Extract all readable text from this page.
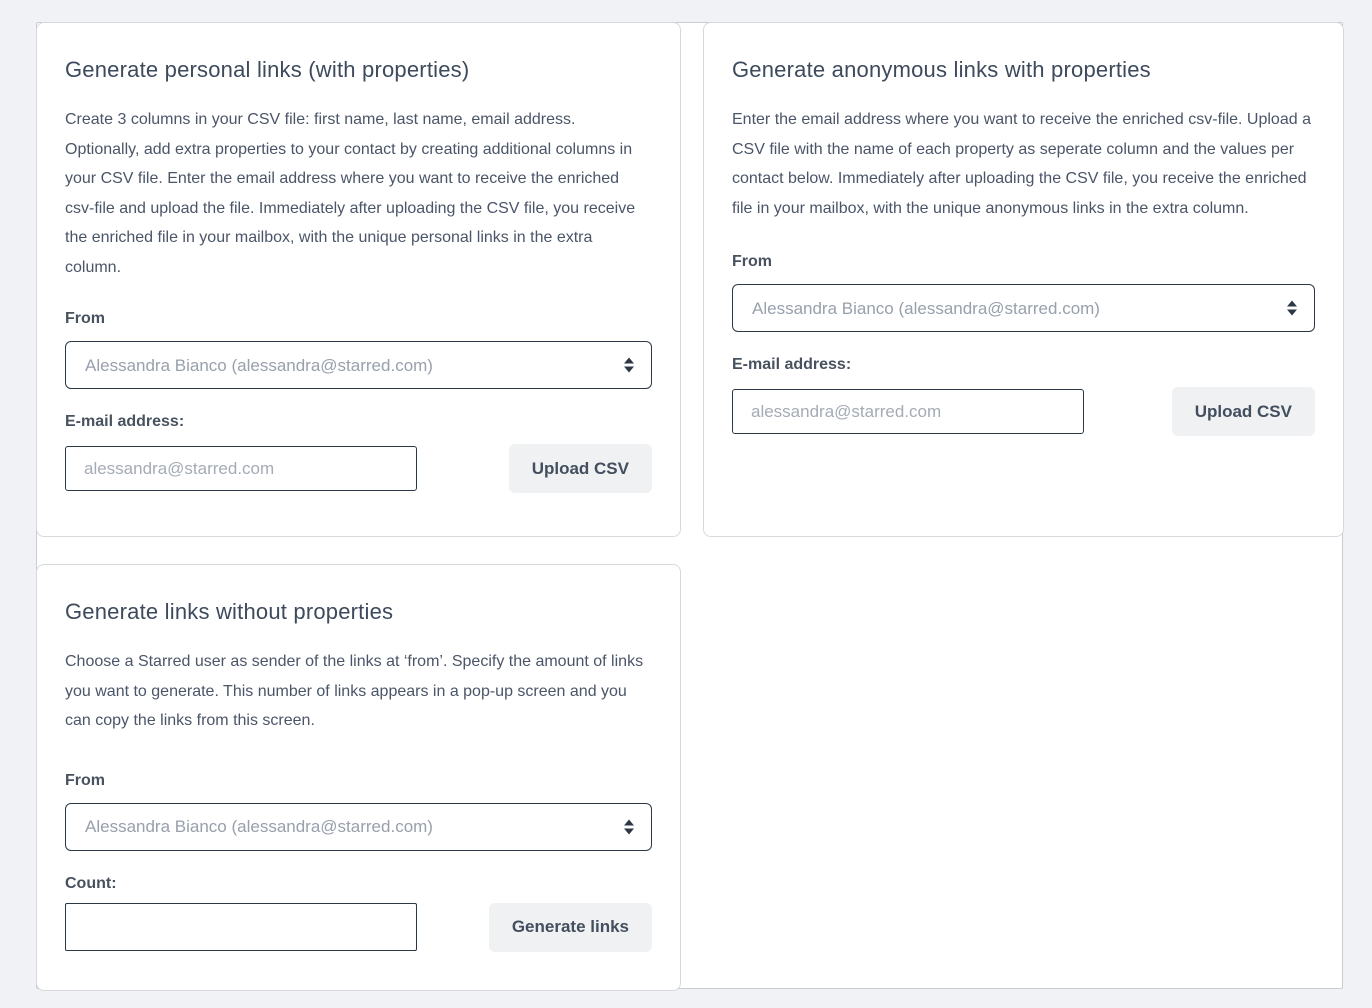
Generate personal links (with properties)

Create 3 columns in your CSV file: first name, last name, email address. Optionally, add extra properties to your contact by creating additional columns in your CSV file. Enter the email address where you want to receive the enriched csv-file and upload the file. Immediately after uploading the CSV file, you receive the enriched file in your mailbox, with the unique personal links in the extra column.

From
Alessandra Bianco (alessandra@starred.com)
E-mail address:
alessandra@starred.com
Upload CSV
Generate anonymous links with properties

Enter the email address where you want to receive the enriched csv-file. Upload a CSV file with the name of each property as seperate column and the values per contact below. Immediately after uploading the CSV file, you receive the enriched file in your mailbox, with the unique anonymous links in the extra column.

From
Alessandra Bianco (alessandra@starred.com)
E-mail address:
alessandra@starred.com
Upload CSV
Generate links without properties

Choose a Starred user as sender of the links at ‘from’. Specify the amount of links you want to generate. This number of links appears in a pop-up screen and you can copy the links from this screen.

From
Alessandra Bianco (alessandra@starred.com)
Count:
Generate links
